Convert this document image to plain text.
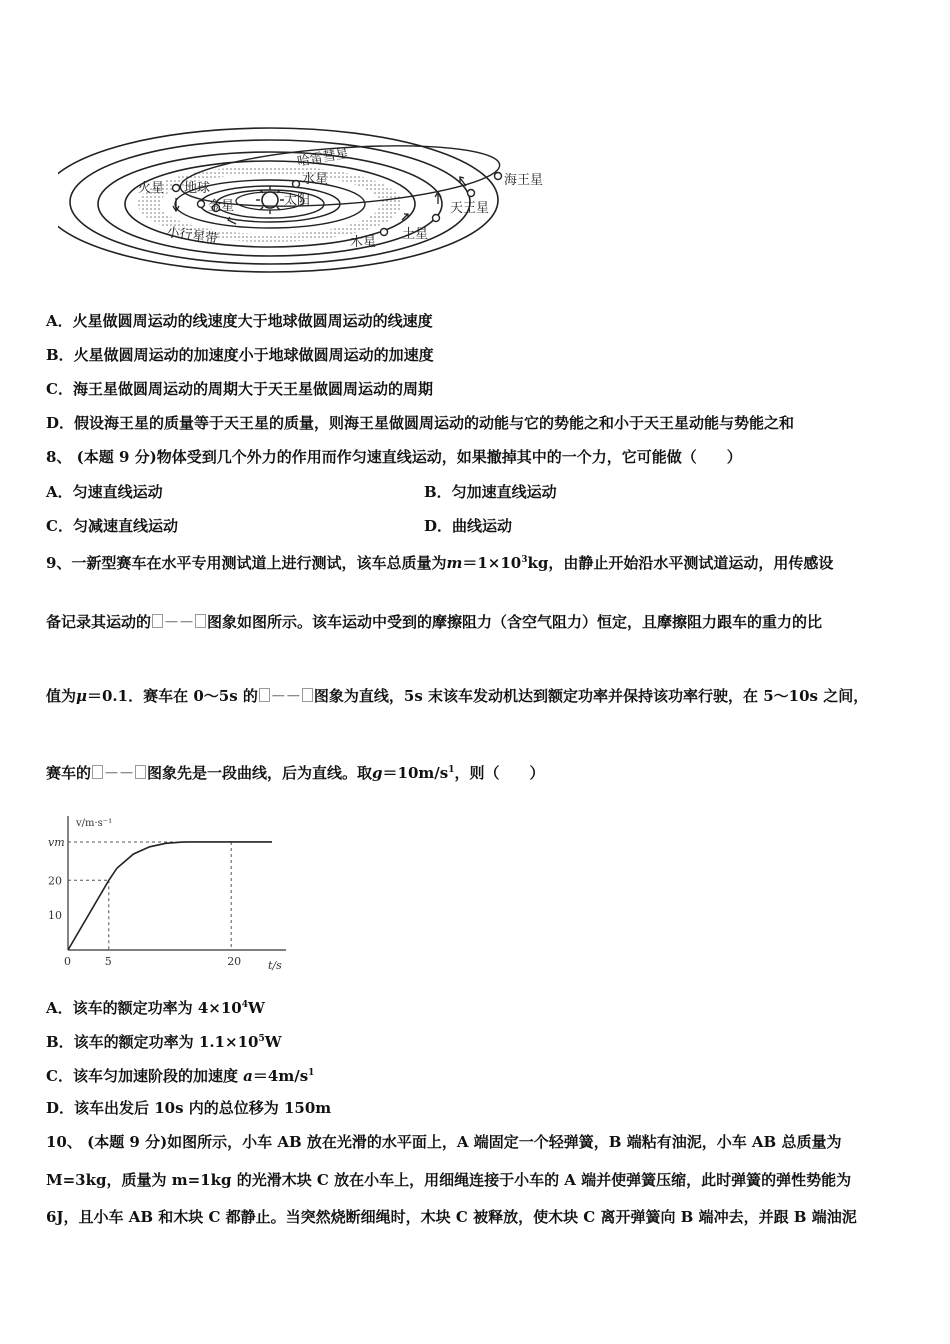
火星 地球
金星
水星
太阳
哈雷彗星
海王星
天王星
土星
木星
小行星带
A．火星做圆周运动的线速度大于地球做圆周运动的线速度
B．火星做圆周运动的加速度小于地球做圆周运动的加速度
C．海王星做圆周运动的周期大于天王星做圆周运动的周期
D．假设海王星的质量等于天王星的质量，则海王星做圆周运动的动能与它的势能之和小于天王星动能与势能之和
8、 (本题 9 分)物体受到几个外力的作用而作匀速直线运动，如果撤掉其中的一个力，它可能做（　　）
A．匀速直线运动	B．匀加速直线运动
C．匀减速直线运动	D．曲线运动
9、一新型赛车在水平专用测试道上进行测试，该车总质量为$m=1\times 10^3kg$，由静止开始沿水平测试道运动，用传感设
备记录其运动的 －－ 图象如图所示。该车运动中受到的摩擦阻力（含空气阻力）恒定，且摩擦阻力跟车的重力的比
值为μ＝0.1．赛车在 0～5s 的 －－ 图象为直线，5s 末该车发动机达到额定功率并保持该功率行驶，在 5～10s 之间，
赛车的 －－ 图象先是一段曲线，后为直线。取$g=10m/s^1$，则（　　）
v/m·s⁻¹
t/s
0	5	20
10
20
vm
A．该车的额定功率为 $4\times 10^4W$
B．该车的额定功率为 $1.1\times 10^5W$
C．该车匀加速阶段的加速度 $a=4m/s^1$
D．该车出发后 10s 内的总位移为 150m
10、 (本题 9 分)如图所示，小车 AB 放在光滑的水平面上，A 端固定一个轻弹簧，B 端粘有油泥，小车 AB 总质量为
M=3kg，质量为 m=1kg 的光滑木块 C 放在小车上，用细绳连接于小车的 A 端并使弹簧压缩，此时弹簧的弹性势能为
6J，且小车 AB 和木块 C 都静止。当突然烧断细绳时，木块 C 被释放，使木块 C 离开弹簧向 B 端冲去，并跟 B 端油泥
